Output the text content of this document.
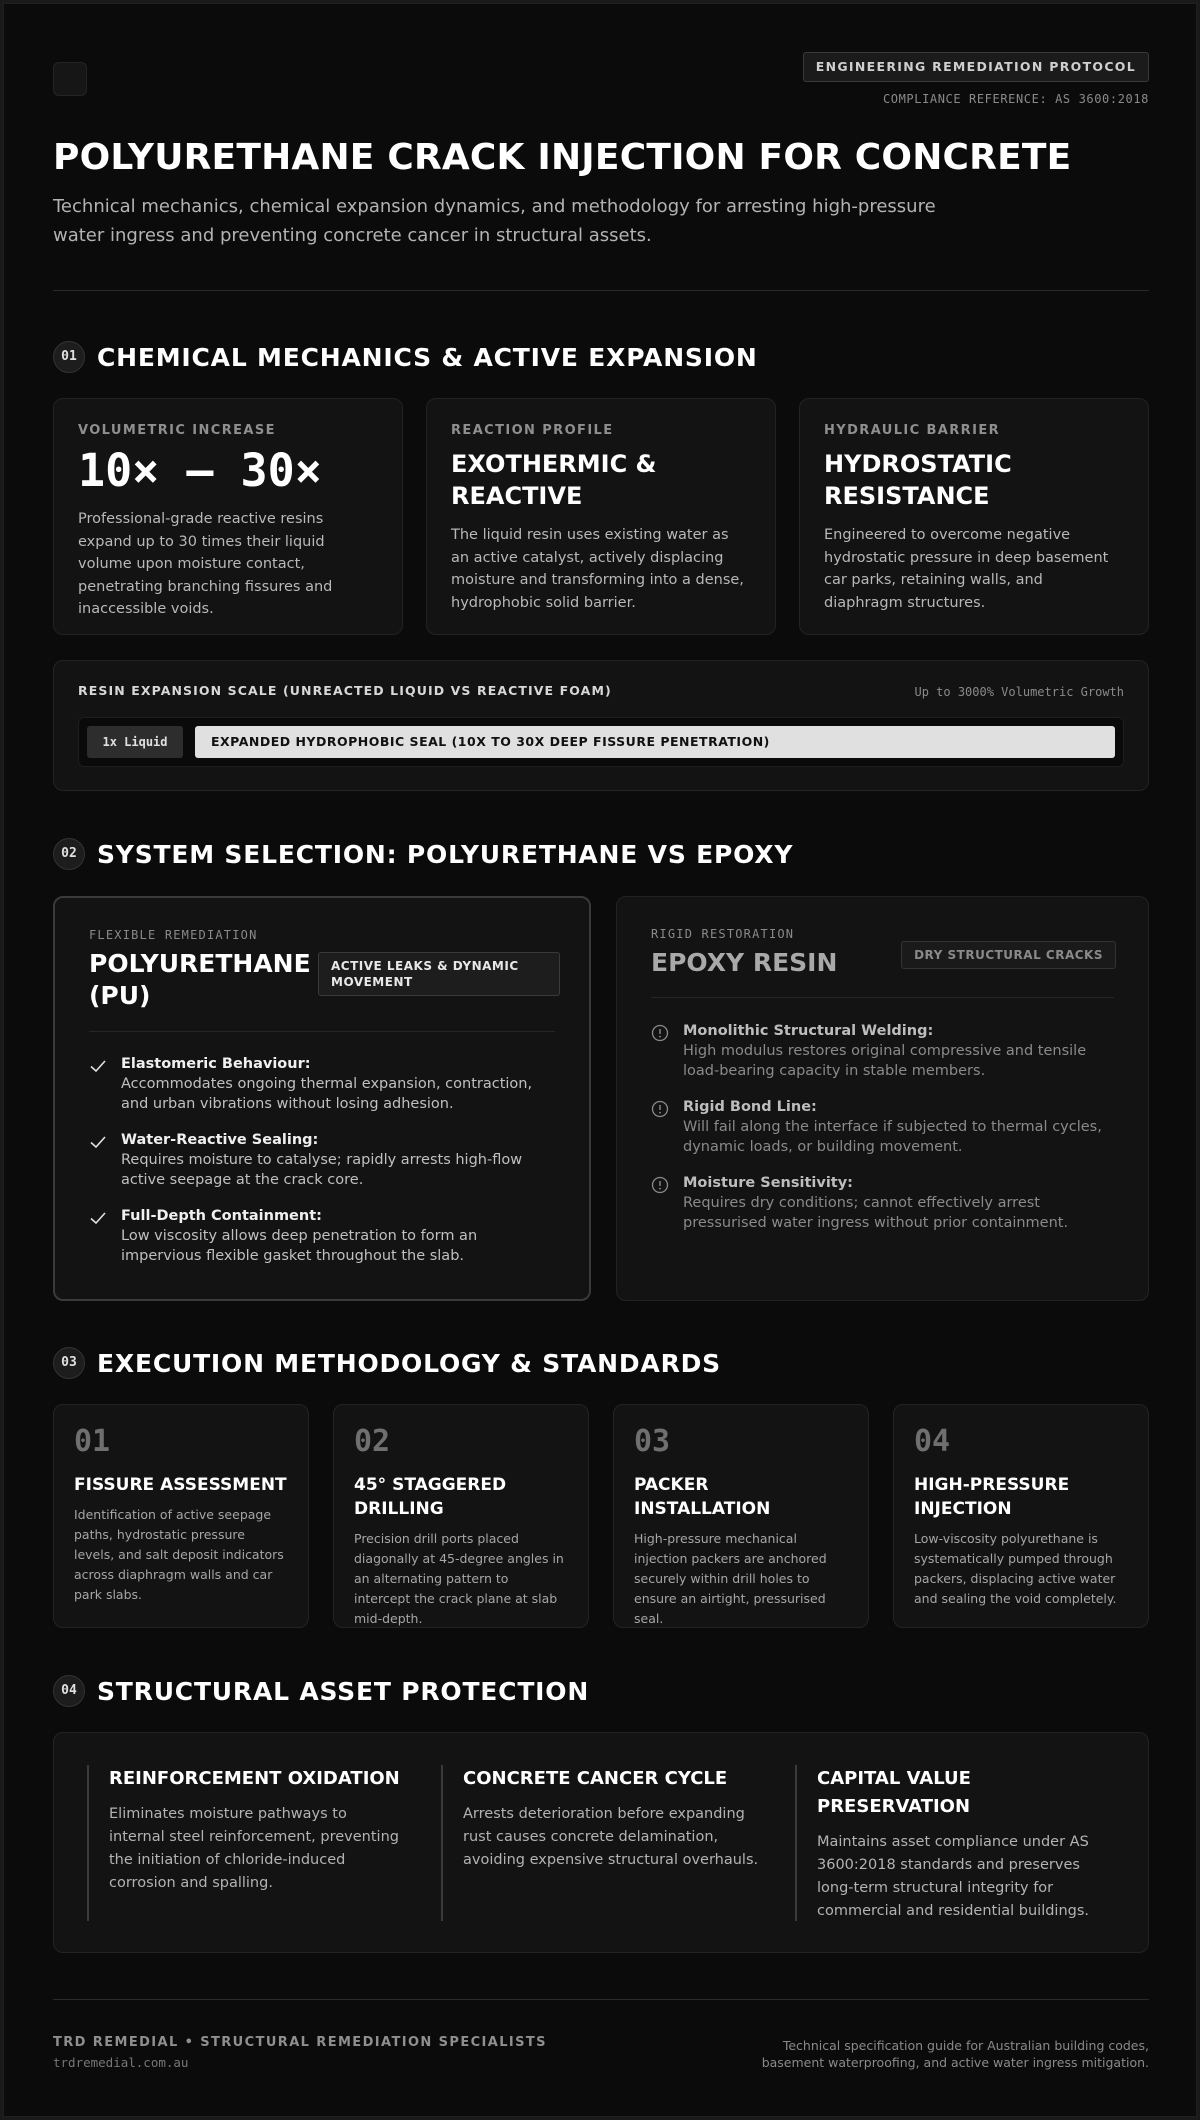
ENGINEERING REMEDIATION PROTOCOL
COMPLIANCE REFERENCE: AS 3600:2018
POLYURETHANE CRACK INJECTION FOR CONCRETE

Technical mechanics, chemical expansion dynamics, and methodology for arresting high-pressure water ingress and preventing concrete cancer in structural assets.

01 CHEMICAL MECHANICS & ACTIVE EXPANSION
VOLUMETRIC INCREASE
10× – 30×
Professional-grade reactive resins expand up to 30 times their liquid volume upon moisture contact, penetrating branching fissures and inaccessible voids.
REACTION PROFILE
EXOTHERMIC & REACTIVE
The liquid resin uses existing water as an active catalyst, actively displacing moisture and transforming into a dense, hydrophobic solid barrier.
HYDRAULIC BARRIER
HYDROSTATIC RESISTANCE
Engineered to overcome negative hydrostatic pressure in deep basement car parks, retaining walls, and diaphragm structures.
RESIN EXPANSION SCALE (UNREACTED LIQUID VS REACTIVE FOAM)	Up to 3000% Volumetric Growth
1x Liquid	EXPANDED HYDROPHOBIC SEAL (10X TO 30X DEEP FISSURE PENETRATION)
02 SYSTEM SELECTION: POLYURETHANE VS EPOXY
FLEXIBLE REMEDIATION
POLYURETHANE (PU)
ACTIVE LEAKS & DYNAMIC MOVEMENT
Elastomeric Behaviour:
Accommodates ongoing thermal expansion, contraction, and urban vibrations without losing adhesion.
Water-Reactive Sealing:
Requires moisture to catalyse; rapidly arrests high-flow active seepage at the crack core.
Full-Depth Containment:
Low viscosity allows deep penetration to form an impervious flexible gasket throughout the slab.
RIGID RESTORATION
EPOXY RESIN	DRY STRUCTURAL CRACKS
Monolithic Structural Welding:
High modulus restores original compressive and tensile load-bearing capacity in stable members.
Rigid Bond Line:
Will fail along the interface if subjected to thermal cycles, dynamic loads, or building movement.
Moisture Sensitivity:
Requires dry conditions; cannot effectively arrest pressurised water ingress without prior containment.
03 EXECUTION METHODOLOGY & STANDARDS
01
FISSURE ASSESSMENT
Identification of active seepage paths, hydrostatic pressure levels, and salt deposit indicators across diaphragm walls and car park slabs.
02
45° STAGGERED DRILLING
Precision drill ports placed diagonally at 45-degree angles in an alternating pattern to intercept the crack plane at slab mid-depth.
03
PACKER INSTALLATION
High-pressure mechanical injection packers are anchored securely within drill holes to ensure an airtight, pressurised seal.
04
HIGH-PRESSURE INJECTION
Low-viscosity polyurethane is systematically pumped through packers, displacing active water and sealing the void completely.
04 STRUCTURAL ASSET PROTECTION
REINFORCEMENT OXIDATION
Eliminates moisture pathways to internal steel reinforcement, preventing the initiation of chloride-induced corrosion and spalling.
CONCRETE CANCER CYCLE
Arrests deterioration before expanding rust causes concrete delamination, avoiding expensive structural overhauls.
CAPITAL VALUE PRESERVATION
Maintains asset compliance under AS 3600:2018 standards and preserves long-term structural integrity for commercial and residential buildings.
TRD REMEDIAL • STRUCTURAL REMEDIATION SPECIALISTS
trdremedial.com.au
Technical specification guide for Australian building codes, basement waterproofing, and active water ingress mitigation.
